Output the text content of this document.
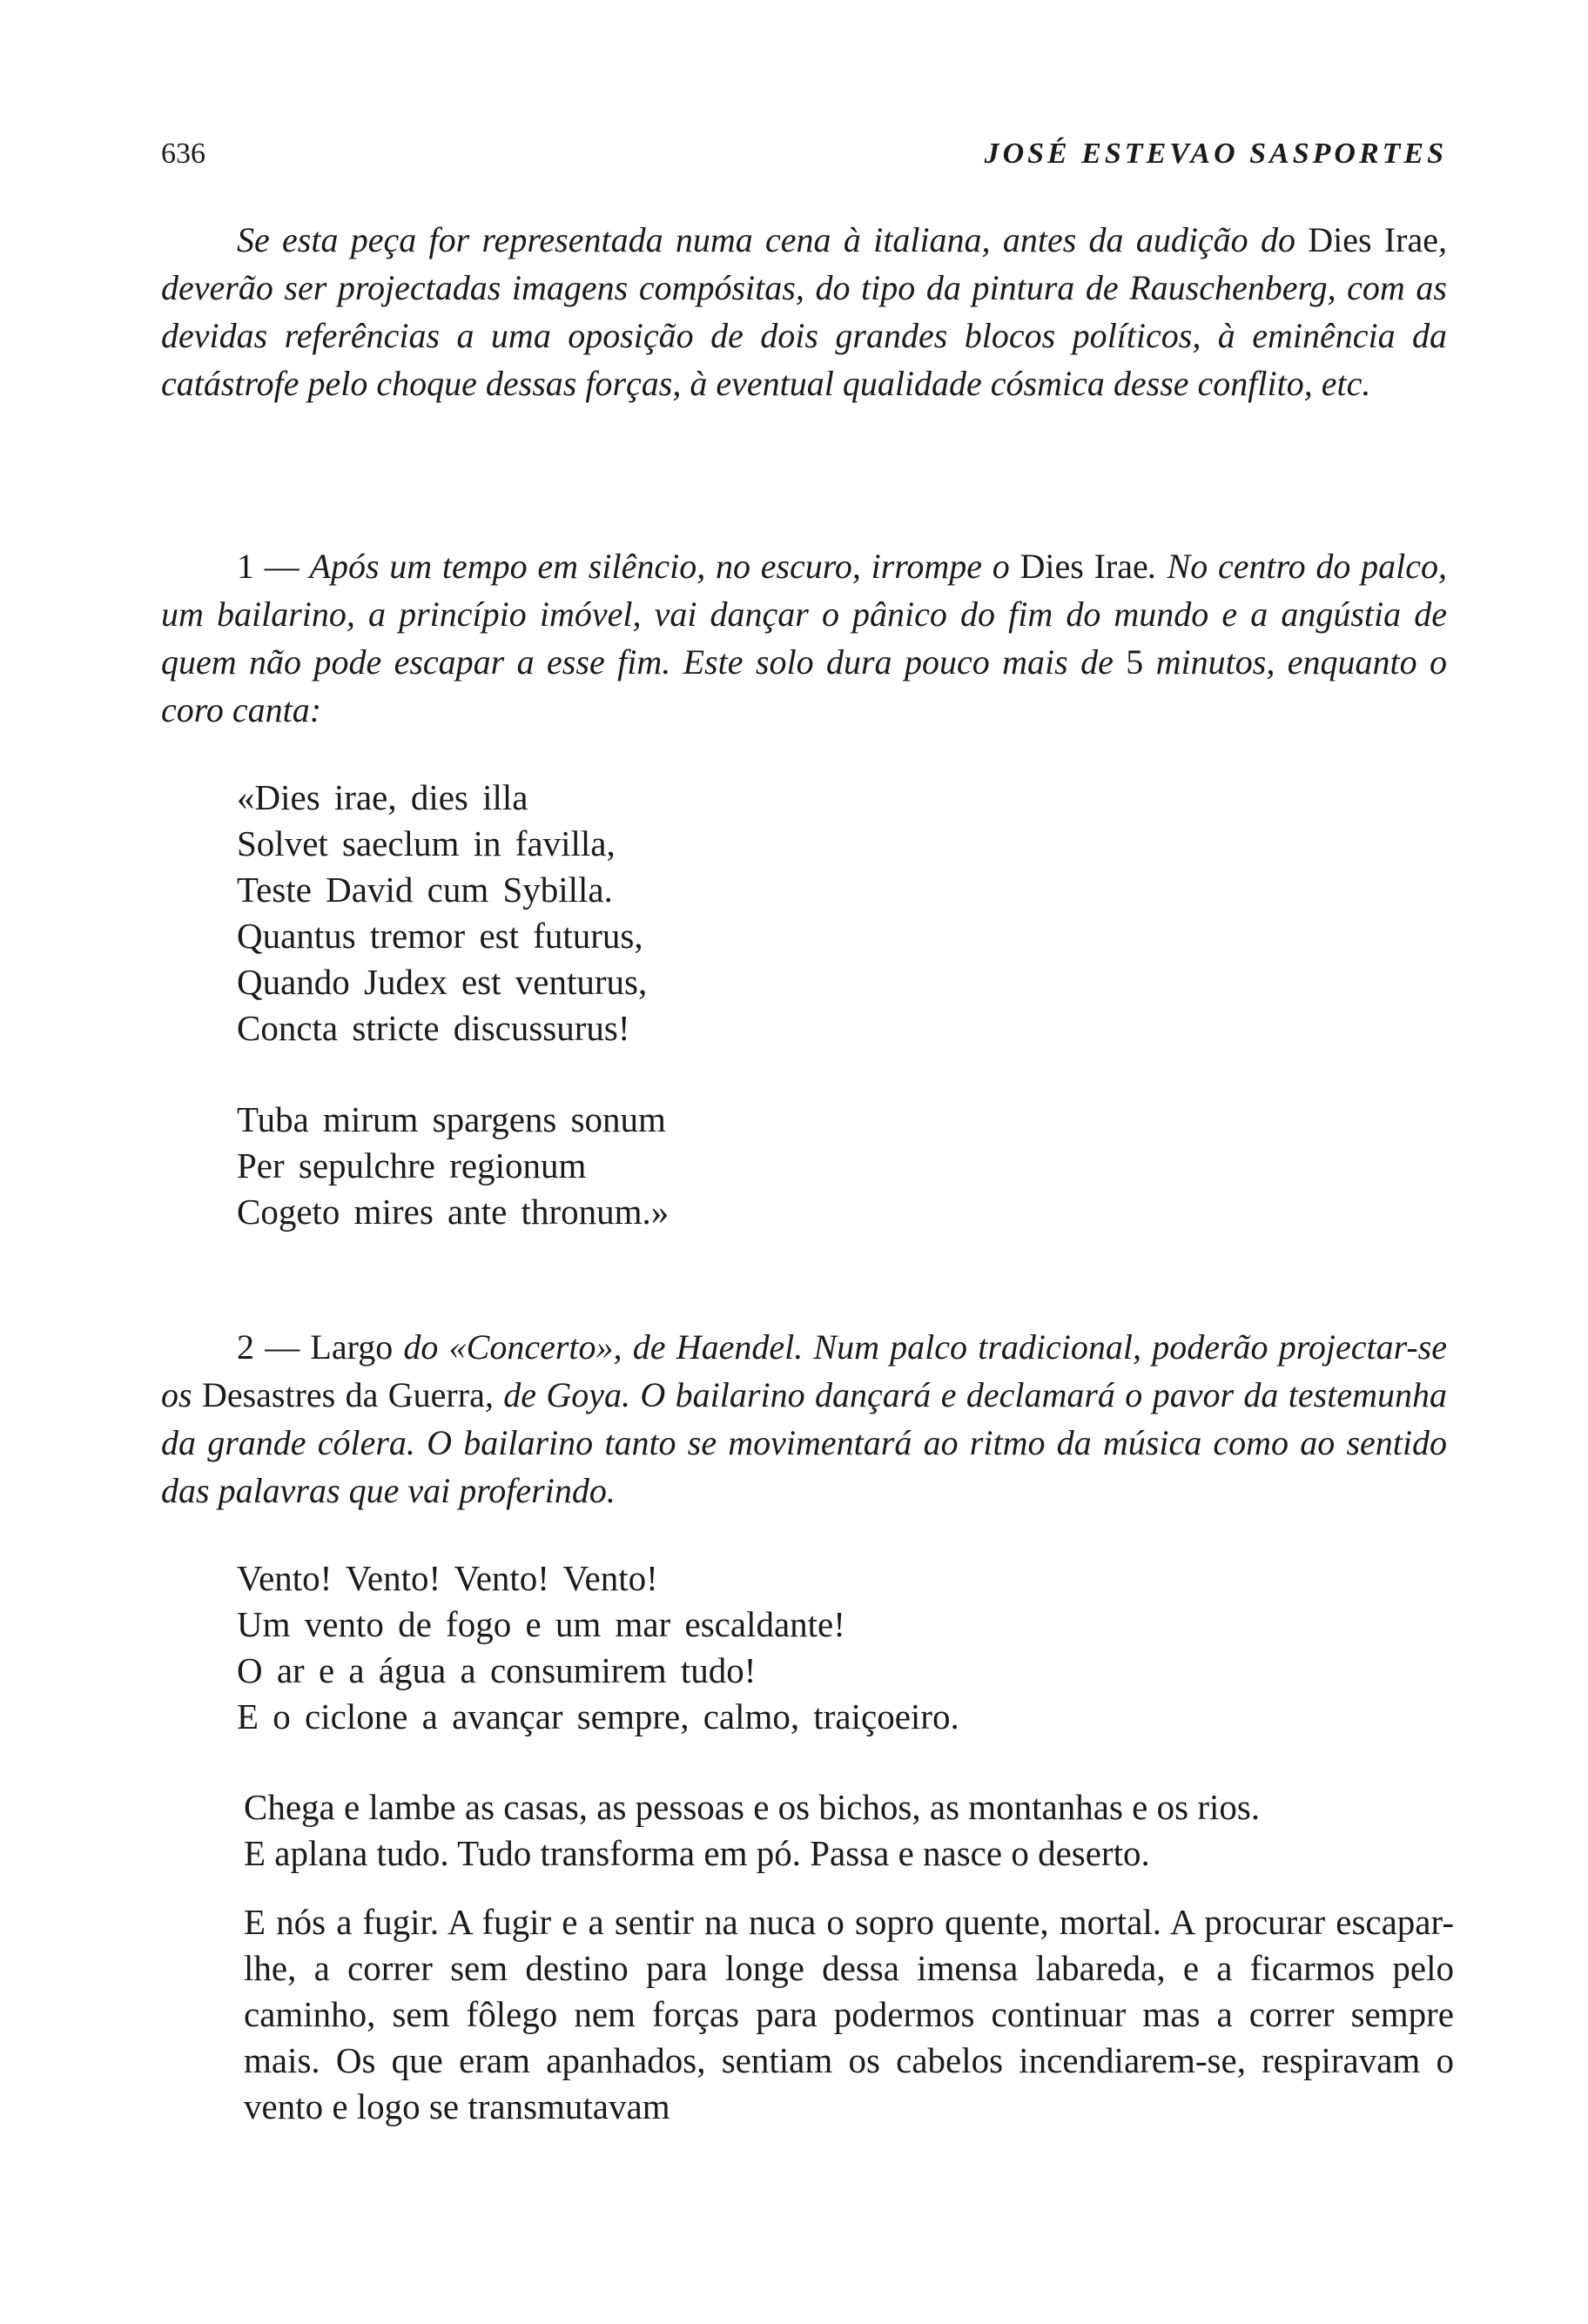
636	JOSÉ ESTEVAO SASPORTES

Se esta peça for representada numa cena à italiana, antes da audição do Dies Irae, deverão ser projectadas imagens compósitas, do tipo da pintura de Rauschenberg, com as devidas referências a uma oposição de dois grandes blocos políticos, à eminência da catástrofe pelo choque dessas forças, à eventual qualidade cósmica desse conflito, etc.

1 — Após um tempo em silêncio, no escuro, irrompe o Dies Irae. No centro do palco, um bailarino, a princípio imóvel, vai dançar o pânico do fim do mundo e a angústia de quem não pode escapar a esse fim. Este solo dura pouco mais de 5 minutos, enquanto o coro canta:

«Dies irae, dies illa
Solvet saeclum in favilla,
Teste David cum Sybilla.
Quantus tremor est futurus,
Quando Judex est venturus,
Concta stricte discussurus!
Tuba mirum spargens sonum
Per sepulchre regionum
Cogeto mires ante thronum.»

2 — Largo do «Concerto», de Haendel. Num palco tradicional, poderão projectar-se os Desastres da Guerra, de Goya. O bailarino dançará e declamará o pavor da testemunha da grande cólera. O bailarino tanto se movimentará ao ritmo da música como ao sentido das palavras que vai proferindo.

Vento! Vento! Vento! Vento!
Um vento de fogo e um mar escaldante!
O ar e a água a consumirem tudo!
E o ciclone a avançar sempre, calmo, traiçoeiro.

Chega e lambe as casas, as pessoas e os bichos, as montanhas e os rios.

E aplana tudo. Tudo transforma em pó. Passa e nasce o deserto.

E nós a fugir. A fugir e a sentir na nuca o sopro quente, mortal. A procurar escapar-lhe, a correr sem destino para longe dessa imensa labareda, e a ficarmos pelo caminho, sem fôlego nem forças para podermos continuar mas a correr sempre mais. Os que eram apanhados, sentiam os cabelos incendiarem-se, respiravam o vento e logo se transmutavam
